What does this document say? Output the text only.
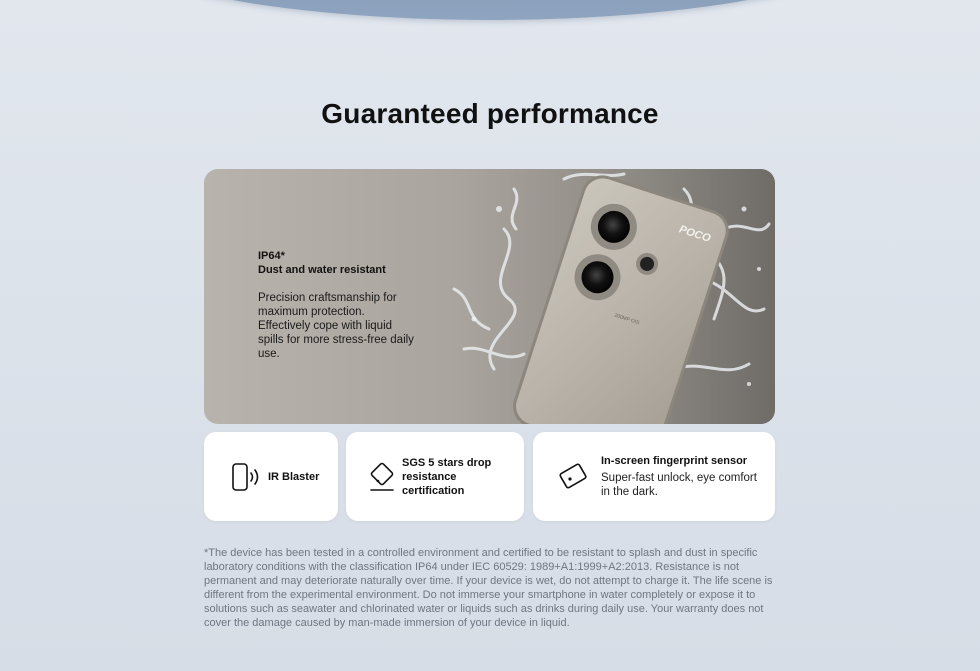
Guaranteed performance
POCO
200MP OIS
IP64*
Dust and water resistant
Precision craftsmanship for maximum protection. Effectively cope with liquid spills for more stress-free daily use.
IR Blaster
SGS 5 stars drop resistance certification
In-screen fingerprint sensor
Super-fast unlock, eye comfort in the dark.
*The device has been tested in a controlled environment and certified to be resistant to splash and dust in specific laboratory conditions with the classification IP64 under IEC 60529: 1989+A1:1999+A2:2013. Resistance is not permanent and may deteriorate naturally over time. If your device is wet, do not attempt to charge it. The life scene is different from the experimental environment. Do not immerse your smartphone in water completely or expose it to solutions such as seawater and chlorinated water or liquids such as drinks during daily use. Your warranty does not cover the damage caused by man-made immersion of your device in liquid.
